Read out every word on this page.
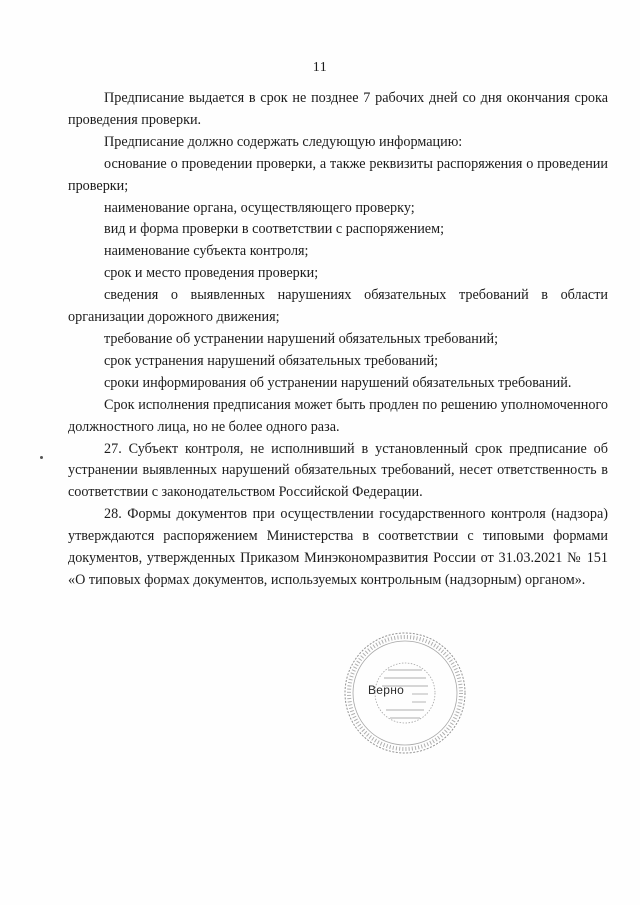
11

Предписание выдается в срок не позднее 7 рабочих дней со дня окончания срока проведения проверки.

Предписание должно содержать следующую информацию:

основание о проведении проверки, а также реквизиты распоряжения о проведении проверки;

наименование органа, осуществляющего проверку;

вид и форма проверки в соответствии с распоряжением;

наименование субъекта контроля;

срок и место проведения проверки;

сведения о выявленных нарушениях обязательных требований в области организации дорожного движения;

требование об устранении нарушений обязательных требований;

срок устранения нарушений обязательных требований;

сроки информирования об устранении нарушений обязательных требований.

Срок исполнения предписания может быть продлен по решению уполномоченного должностного лица, но не более одного раза.

27. Субъект контроля, не исполнивший в установленный срок предписание об устранении выявленных нарушений обязательных требований, несет ответственность в соответствии с законодательством Российской Федерации.

28. Формы документов при осуществлении государственного контроля (надзора) утверждаются распоряжением Министерства в соответствии с типовыми формами документов, утвержденных Приказом Минэкономразвития России от 31.03.2021 № 151 «О типовых формах документов, используемых контрольным (надзорным) органом».

Верно
